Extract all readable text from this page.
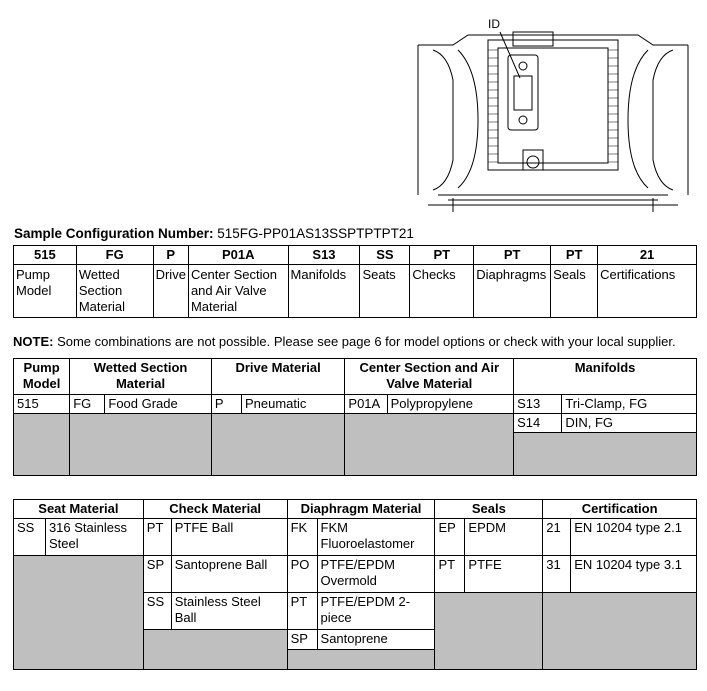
ID
Sample Configuration Number: 515FG-PP01AS13SSPTPTPT21
515	FG	P	P01A	S13	SS	PT	PT	PT	21
Pump Model	Wetted Section Material	Drive	Center Section and Air Valve Material	Manifolds	Seats	Checks	Diaphragms	Seals	Certifications
NOTE: Some combinations are not possible. Please see page 6 for model options or check with your local supplier.
Pump Model	Wetted Section Material		Drive Material		Center Section and Air Valve Material		Manifolds	
515	FG	Food Grade	P	Pneumatic	P01A	Polypropylene	S13	Tri-Clamp, FG
							S14	DIN, FG

Seat Material		Check Material		Diaphragm Material		Seals		Certification	
SS	316 Stainless Steel	PT	PTFE Ball	FK	FKM Fluoroelastomer	EP	EPDM	21	EN 10204 type 2.1
		SP	Santoprene Ball	PO	PTFE/EPDM Overmold	PT	PTFE	31	EN 10204 type 3.1
		SS	Stainless Steel Ball	PT	PTFE/EPDM 2-piece				
				SP	Santoprene				
